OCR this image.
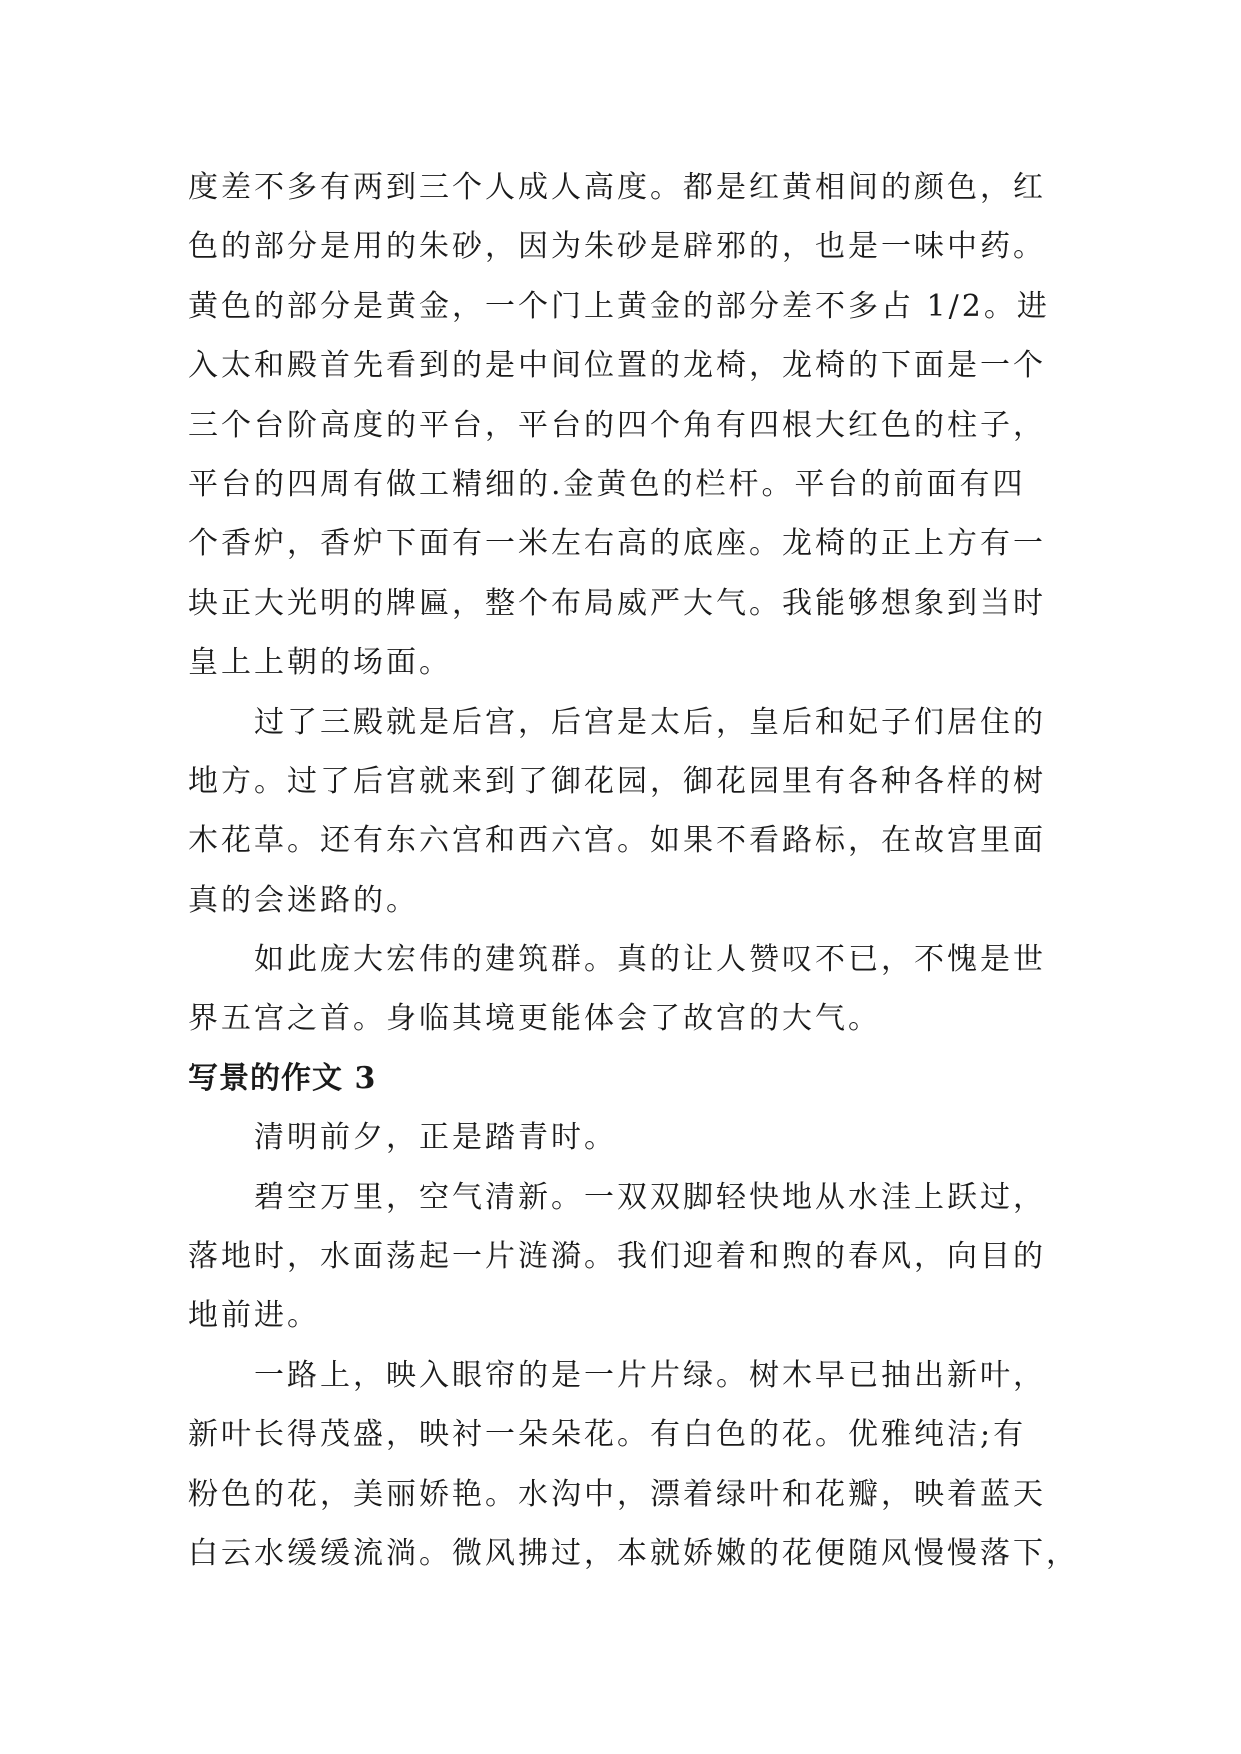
度差不多有两到三个人成人高度。都是红黄相间的颜色，红
色的部分是用的朱砂，因为朱砂是辟邪的，也是一味中药。
黄色的部分是黄金，一个门上黄金的部分差不多占 1/2。进
入太和殿首先看到的是中间位置的龙椅，龙椅的下面是一个
三个台阶高度的平台，平台的四个角有四根大红色的柱子，
平台的四周有做工精细的.金黄色的栏杆。平台的前面有四
个香炉，香炉下面有一米左右高的底座。龙椅的正上方有一
块正大光明的牌匾，整个布局威严大气。我能够想象到当时
皇上上朝的场面。

过了三殿就是后宫，后宫是太后，皇后和妃子们居住的
地方。过了后宫就来到了御花园，御花园里有各种各样的树
木花草。还有东六宫和西六宫。如果不看路标，在故宫里面
真的会迷路的。

如此庞大宏伟的建筑群。真的让人赞叹不已，不愧是世
界五宫之首。身临其境更能体会了故宫的大气。

写景的作文 3

清明前夕，正是踏青时。

碧空万里，空气清新。一双双脚轻快地从水洼上跃过，
落地时，水面荡起一片涟漪。我们迎着和煦的春风，向目的
地前进。

一路上，映入眼帘的是一片片绿。树木早已抽出新叶，
新叶长得茂盛，映衬一朵朵花。有白色的花。优雅纯洁;有
粉色的花，美丽娇艳。水沟中，漂着绿叶和花瓣，映着蓝天
白云水缓缓流淌。微风拂过，本就娇嫩的花便随风慢慢落下，
